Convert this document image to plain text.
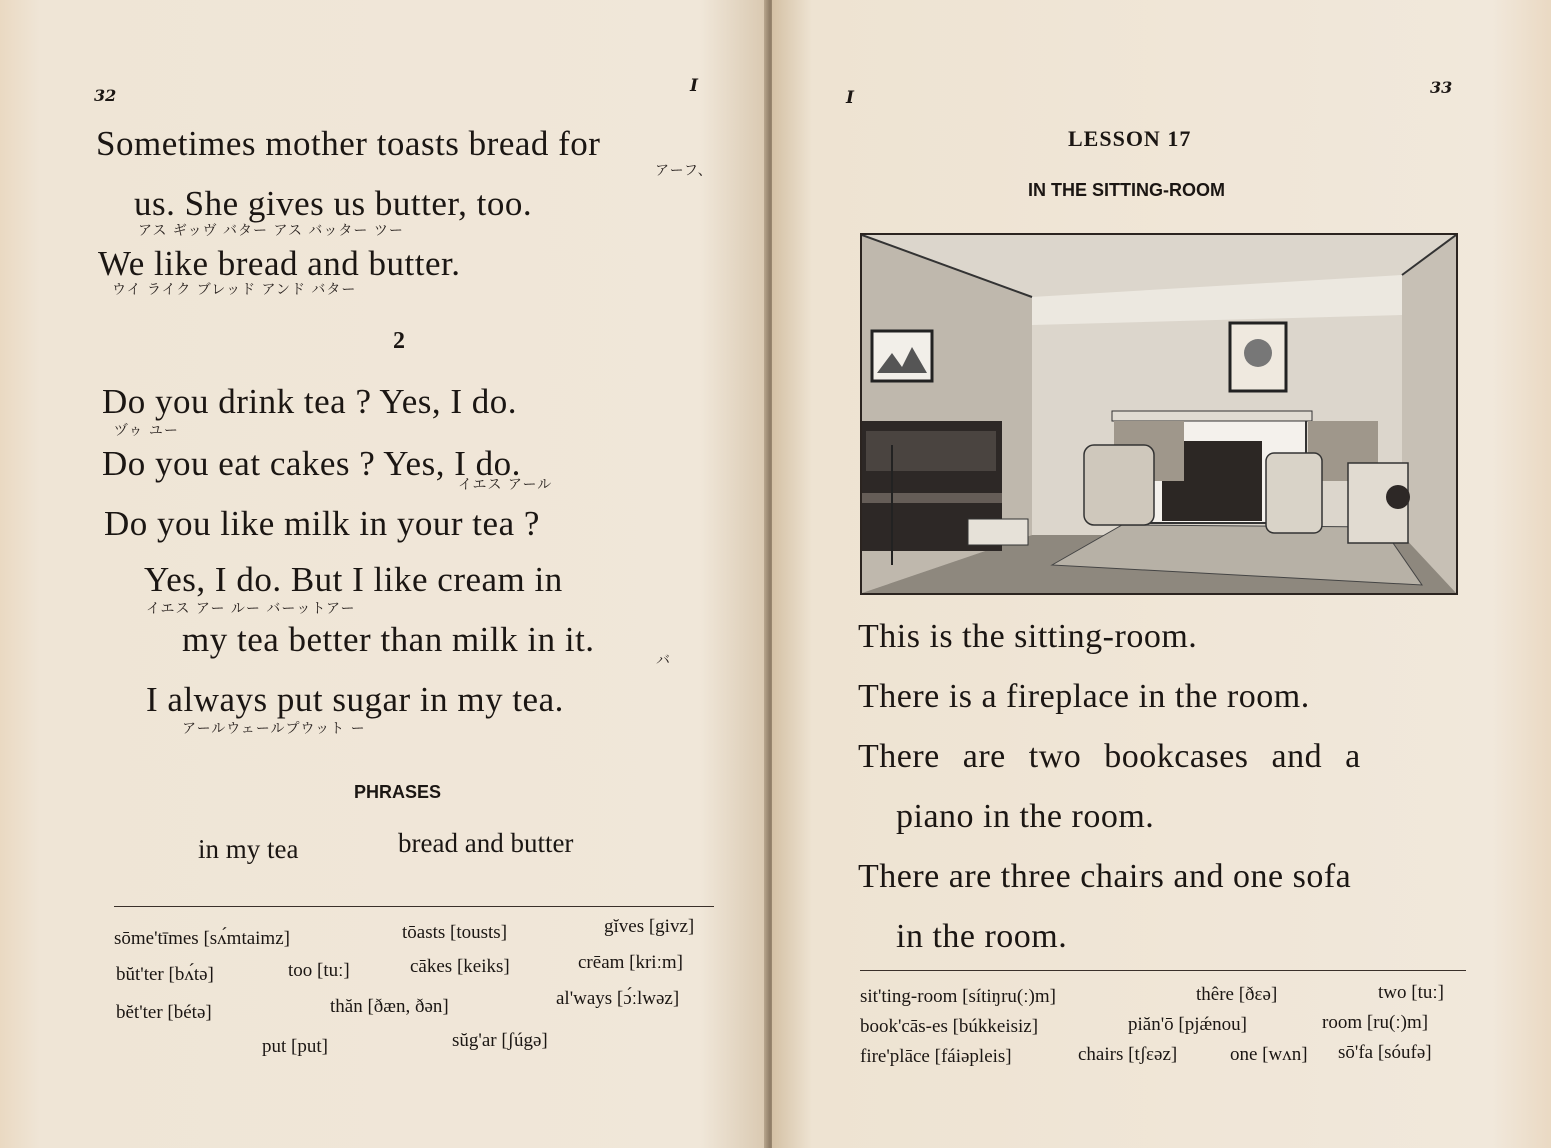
32	I
Sometimes mother toasts bread for
アーフ、
us. She gives us butter, too.
アス ギッヴ バター アス バッター ツー
We like bread and butter.
ウイ ライク ブレッド アンド バター
2
Do you drink tea ? Yes, I do.
ヅゥ ユー
Do you eat cakes ? Yes, I do.
イエス アール
Do you like milk in your tea ?
Yes, I do. But I like cream in
イエス アー ルー バーットアー
my tea better than milk in it.
バ
I always put sugar in my tea.
アールウェールプウット ー
PHRASES
in my tea	bread and butter
sōme'tīmes [sʌ́mtaimz]	tōasts [tousts]	gĭves [givz]
bŭt'ter [bʌ́tə]	too [tuː]	cākes [keiks]	crēam [kriːm]
bĕt'ter [bétə]	thăn [ðæn, ðən]	al'ways [ɔ́ːlwəz]
put [put]	sŭg'ar [ʃúgə]
I
33
LESSON 17
IN THE SITTING-ROOM
This is the sitting-room.
There is a fireplace in the room.
There are two bookcases and a
piano in the room.
There are three chairs and one sofa
in the room.
sit'ting-room [sítiŋru(ː)m]	thêre [ðɛə]	two [tuː]
book'cās-es [búkkeisiz]	piăn'ō [pjǽnou]	room [ru(ː)m]
fire'plāce [fáiəpleis]	chairs [tʃɛəz]	one [wʌn] sō'fa [sóufə]
